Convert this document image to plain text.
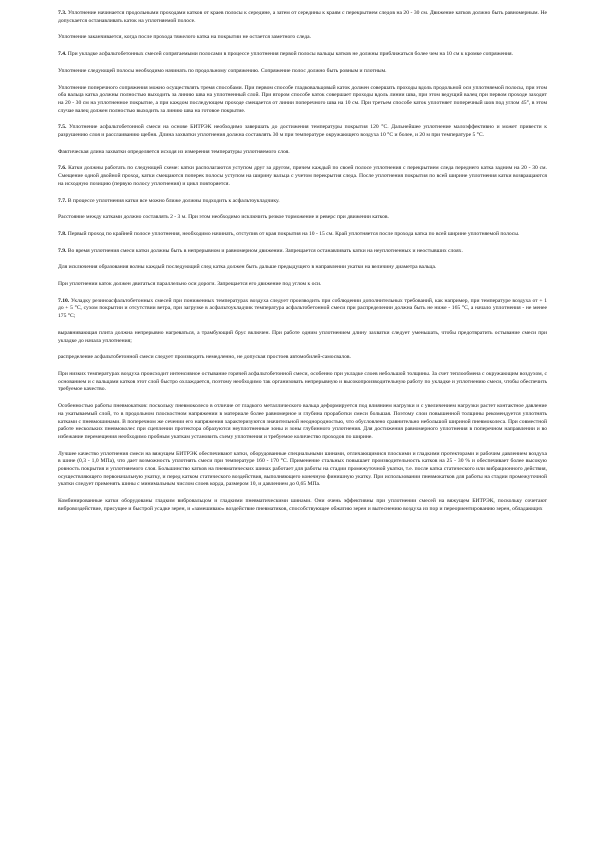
7.3. Уплотнение начинается продольными проходами катков от краев полосы к середине, а затем от середины к краям с перекрытием следов на 20 - 30 см. Движение катков должно быть равномерным. Не допускается останавливать каток на уплотняемой полосе.
Уплотнение заканчивается, когда после прохода тяжелого катка на покрытии не остается заметного следа.
7.4. При укладке асфальтобетонных смесей сопрягаемыми полосами в процессе уплотнения первой полосы вальцы катков не должны приближаться более чем на 10 см к кромке сопряжения.
Уплотнение следующей полосы необходимо начинать по продольному сопряжению. Сопряжение полос должно быть ровным и плотным.
Уплотнение поперечного сопряжения можно осуществлять тремя способами. При первом способе гладковальцовый каток должен совершать проходы вдоль продольной оси уплотняемой полосы, при этом оба вальца катка должны полностью выходить за линию шва на уплотненный слой. При втором способе каток совершает проходы вдоль линии шва, при этом ведущий валец при первом проходе заходит на 20 - 30 см на уплотненное покрытие, а при каждом последующем проходе смещается от линии поперечного шва на 10 см. При третьем способе каток уплотняет поперечный шов под углом 45°, в этом случае валец должен полностью выходить за линию шва на готовое покрытие.
7.5. Уплотнение асфальтобетонной смеси на основе БИТРЭК необходимо завершать до достижения температуры покрытия 120 °С. Дальнейшее уплотнение малоэффективно и может привести к разрушению слоя и расслаиванию щебня. Длина захватки уплотнения должна составлять 30 м при температуре окружающего воздуха 10 °С и более, и 20 м при температуре 5 °С.
Фактическая длина захватки определяется исходя из измерения температуры уплотняемого слоя.
7.6. Катки должны работать по следующей схеме: катки располагаются уступом друг за другом, причем каждый по своей полосе уплотнения с перекрытием следа переднего катка задним на 20 - 30 см. Смещение одной двойной проход, катки смещаются поперек полосы уступом на ширину вальца с учетом перекрытия следа. После уплотнения покрытия по всей ширине уплотнения катки возвращаются на исходную позицию (первую полосу уплотнения) и цикл повторяется.
7.7. В процессе уплотнения катки все можно ближе должны подходить к асфальтоукладчику.
Расстояние между катками должно составлять 2 - 3 м. При этом необходимо исключить резкое торможение и реверс при движении катков.
7.8. Первый проход по крайней полосе уплотнения, необходимо начинать, отступив от края покрытия на 10 - 15 см. Край уплотняется после прохода катка по всей ширине уплотняемой полосы.
7.9. Во время уплотнения смеси катки должны быть в непрерывном и равномерном движении. Запрещается останавливать катки на неуплотненных и неостывших слоях.
Для исключения образования волны каждый последующий след катка должен быть дальше предыдущего в направлении укатки на величину диаметра вальца.
При уплотнении каток должен двигаться параллельно оси дороги. Запрещается его движение под углом к оси.
7.10. Укладку резиноасфальтобетонных смесей при пониженных температурах воздуха следует производить при соблюдении дополнительных требований, как например, при температуре воздуха от + 1 до + 5 °С, сухом покрытии и отсутствии ветра, при загрузке в асфальтоукладчик температура асфальтобетонной смеси при распределении должна быть не ниже - 165 °С, а начало уплотнения - не менее 175 °С;
выравнивающая плита должна непрерывно нагреваться, а трамбующий брус включен. При работе одним уплотнением длину захватки следует уменьшать, чтобы предотвратить остывание смеси при укладке до начала уплотнения;
распределение асфальтобетонной смеси следует производить немедленно, не допуская простоев автомобилей-самосвалов.
При низких температурах воздуха происходит интенсивное остывание горячей асфальтобетонной смеси, особенно при укладке слоев небольшой толщины. За счет теплообмена с окружающим воздухом, с основанием и с вальцами катков этот слой быстро охлаждается, поэтому необходимо так организовать непрерывную и высокопроизводительную работу по укладке и уплотнению смеси, чтобы обеспечить требуемое качество.
Особенностью работы пневмокатков: поскольку пневмоколесо в отличие от гладкого металлического вальца деформируется под влиянием нагрузки и с увеличением нагрузки растет контактное давление на укатываемый слой, то в продольном плоскостном напряжении в материале более равномерное и глубина проработки смеси большая. Поэтому слои повышенной толщины рекомендуется уплотнять катками с пневмошинами. В поперечном же сечении его напряжения характеризуются значительной неоднородностью, что обусловлено сравнительно небольшой шириной пневмоколеса. При совместной работе нескольких пневмоколес при сцеплении протектора образуются неуплотненные зоны и зоны глубинного уплотнения. Для достижения равномерного уплотнения в поперечном направлении и во избежание перемещения необходимо пробным укаткам установить схему уплотнения и требуемое количество проходов по ширине.
Лучшее качество уплотнения смеси на вяжущем БИТРЭК обеспечивают катки, оборудованные специальными шинами, отличающимися плоскими и гладкими протекторами и рабочим давлением воздуха в шине (0,3 - 1,0 МПа), что дает возможность уплотнять смеси при температуре 160 - 170 °С. Применение стальных повышает производительность катков на 25 - 30 % и обеспечивает более высокую ровность покрытия и уплотняемого слоя. Большинство катков на пневматических шинах работает для работы на стадии промежуточной укатки, т.е. после катка статического или вибрационного действия, осуществляющего первоначальную укатку, и перед катком статического воздействия, выполняющего конечную финишную укатку. При использовании пневмокатков для работы на стадии промежуточной укатки следует применять шины с минимальным числом слоев корда, размером 10, и давлением до 0,65 МПа.
Комбинированные катки оборудованы гладким вибровальцом и гладкими пневматическими шинами. Они очень эффективны при уплотнении смесей на вяжущем БИТРЭК, поскольку сочетают вибровоздействие, присущее и быстрой усадке зерен, и «замешиваю» воздействие пневматиков, способствующее обжатию зерен и вытеснению воздуха из пор и переориентированию зерен, обладающих
